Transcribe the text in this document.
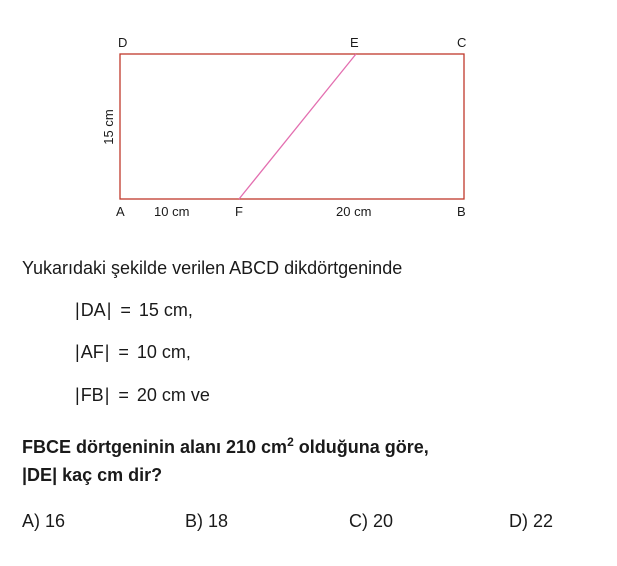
D	E	C
A	F	B
10 cm	20 cm
15 cm
Yukarıdaki şekilde verilen ABCD dikdörtgeninde
|DA| = 15 cm,
|AF| = 10 cm,
|FB| = 20 cm ve
FBCE dörtgeninin alanı 210 $cm^2$ olduğuna göre,
|DE| kaç cm dir?
A) 16	B) 18	C) 20	D) 22
